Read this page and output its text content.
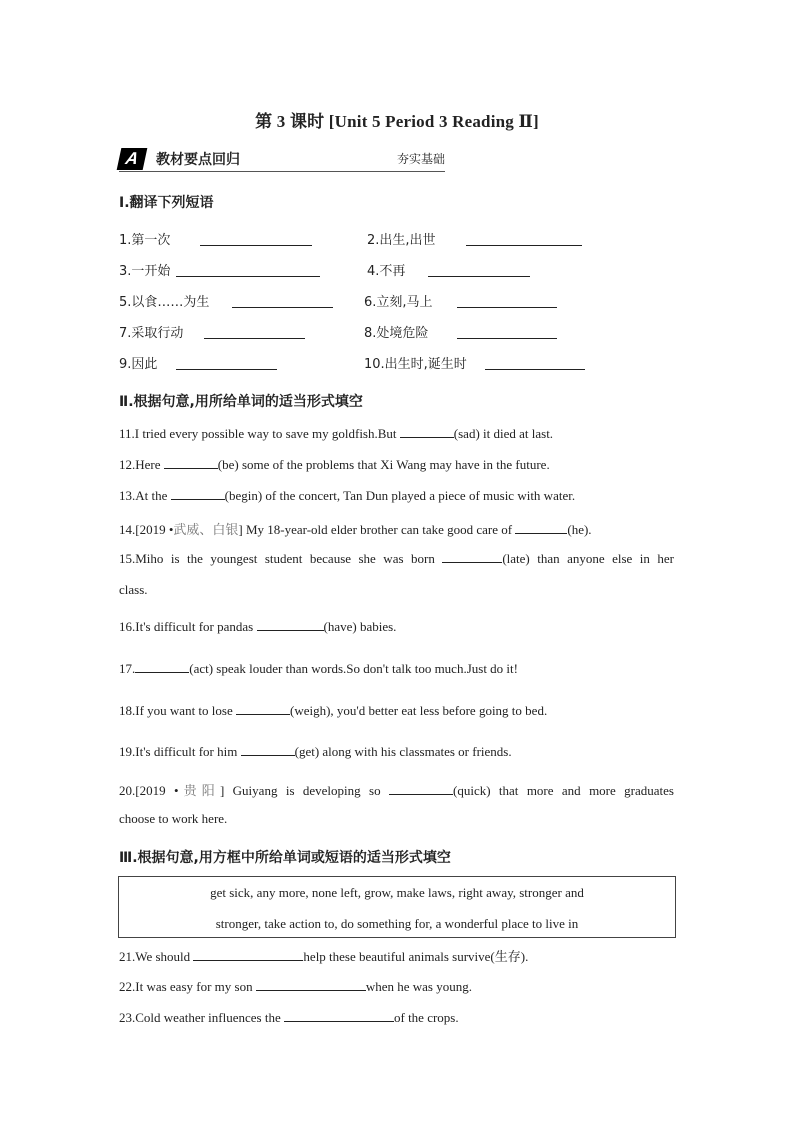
第 3 课时 [Unit 5 Period 3 Reading Ⅱ]
A	教材要点回归	夯实基础
Ⅰ.翻译下列短语
1.第一次	2.出生,出世
3.一开始	4.不再
5.以食……为生	6.立刻,马上
7.采取行动	8.处境危险
9.因此	10.出生时,诞生时
Ⅱ.根据句意,用所给单词的适当形式填空
11.I tried every possible way to save my goldfish.But	(sad) it died at last.
12.Here	(be) some of the problems that Xi Wang may have in the future.
13.At the	(begin) of the concert, Tan Dun played a piece of music with water.
14.[2019 •武威、白银] My 18-year-old elder brother can take good care of	(he).
15.Miho is the youngest student because she was born	(late) than anyone else in her
class.
16.It's difficult for pandas	(have) babies.
17.	(act) speak louder than words.So don't talk too much.Just do it!
18.If you want to lose	(weigh), you'd better eat less before going to bed.
19.It's difficult for him	(get) along with his classmates or friends.
20.[2019 •贵阳] Guiyang is developing so	(quick) that more and more graduates
choose to work here.
Ⅲ.根据句意,用方框中所给单词或短语的适当形式填空
get sick, any more, none left, grow, make laws, right away, stronger and
stronger, take action to, do something for, a wonderful place to live in
21.We should	help these beautiful animals survive(生存).
22.It was easy for my son	when he was young.
23.Cold weather influences the	of the crops.
